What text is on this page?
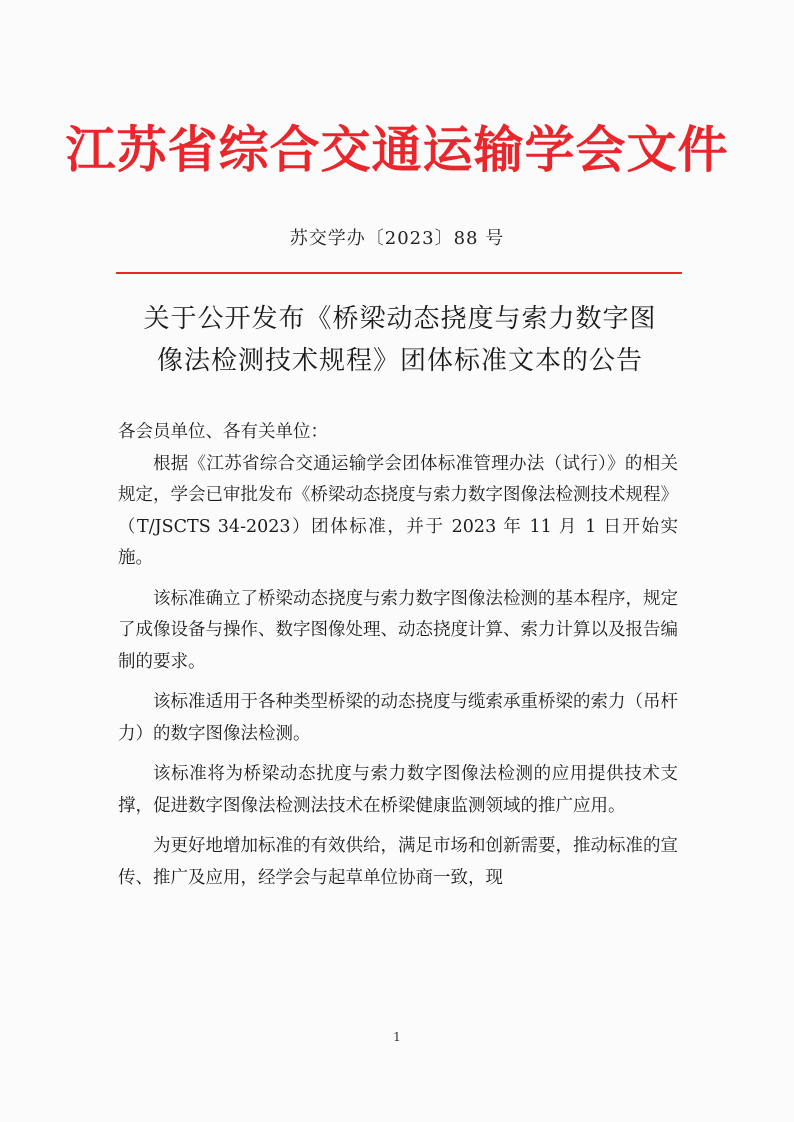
江苏省综合交通运输学会文件
苏交学办〔2023〕88 号
关于公开发布《桥梁动态挠度与索力数字图
像法检测技术规程》团体标准文本的公告

各会员单位、各有关单位：

根据《江苏省综合交通运输学会团体标准管理办法（试行）》的相关规定，学会已审批发布《桥梁动态挠度与索力数字图像法检测技术规程》（T/JSCTS 34-2023）团体标准，并于 2023 年 11 月 1 日开始实施。

该标准确立了桥梁动态挠度与索力数字图像法检测的基本程序，规定了成像设备与操作、数字图像处理、动态挠度计算、索力计算以及报告编制的要求。

该标准适用于各种类型桥梁的动态挠度与缆索承重桥梁的索力（吊杆力）的数字图像法检测。

该标准将为桥梁动态扰度与索力数字图像法检测的应用提供技术支撑，促进数字图像法检测法技术在桥梁健康监测领域的推广应用。

为更好地增加标准的有效供给，满足市场和创新需要，推动标准的宣传、推广及应用，经学会与起草单位协商一致，现

1
